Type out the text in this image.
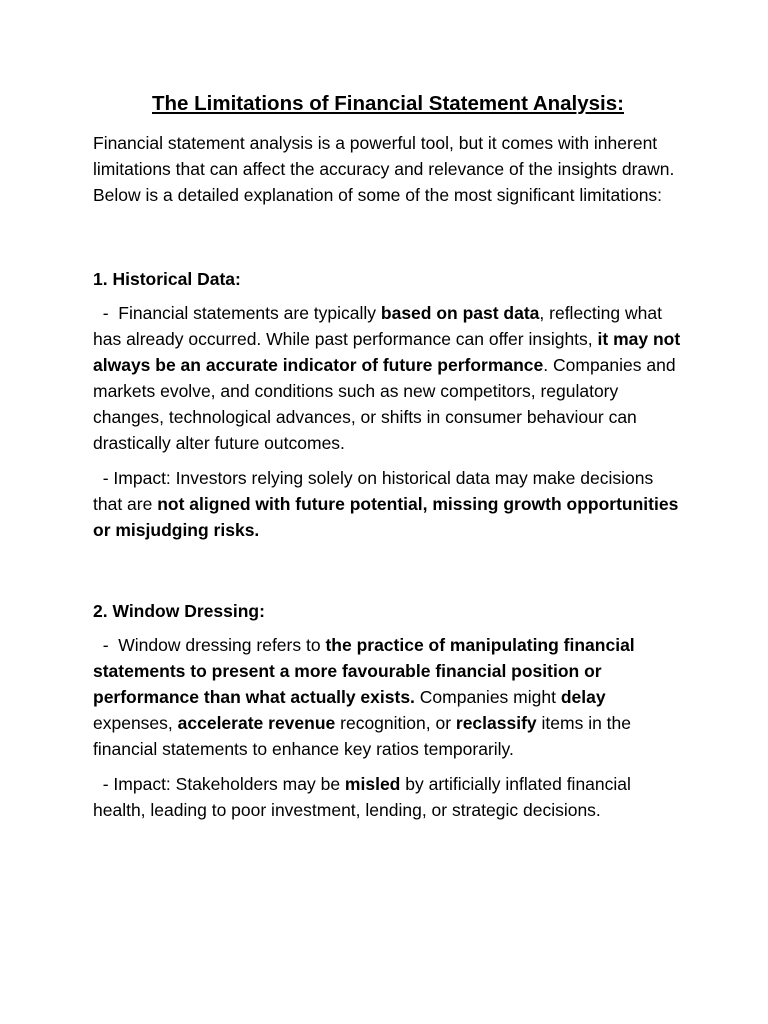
The Limitations of Financial Statement Analysis:

Financial statement analysis is a powerful tool, but it comes with inherent limitations that can affect the accuracy and relevance of the insights drawn. Below is a detailed explanation of some of the most significant limitations:

1. Historical Data:

-  Financial statements are typically based on past data, reflecting what has already occurred. While past performance can offer insights, it may not always be an accurate indicator of future performance. Companies and markets evolve, and conditions such as new competitors, regulatory changes, technological advances, or shifts in consumer behaviour can drastically alter future outcomes.

- Impact: Investors relying solely on historical data may make decisions that are not aligned with future potential, missing growth opportunities or misjudging risks.

2. Window Dressing:

-  Window dressing refers to the practice of manipulating financial statements to present a more favourable financial position or performance than what actually exists. Companies might delay expenses, accelerate revenue recognition, or reclassify items in the financial statements to enhance key ratios temporarily.

- Impact: Stakeholders may be misled by artificially inflated financial health, leading to poor investment, lending, or strategic decisions.
